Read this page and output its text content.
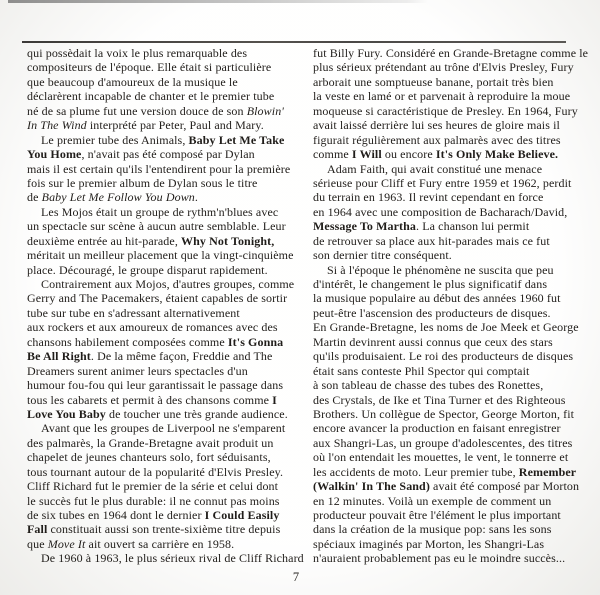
qui possèdait la voix le plus remarquable des
compositeurs de l'époque. Elle était si particulière
que beaucoup d'amoureux de la musique le
déclarèrent incapable de chanter et le premier tube
né de sa plume fut une version douce de son Blowin'
In The Wind interprété par Peter, Paul and Mary.
Le premier tube des Animals, Baby Let Me Take
You Home, n'avait pas été composé par Dylan
mais il est certain qu'ils l'entendirent pour la première
fois sur le premier album de Dylan sous le titre
de Baby Let Me Follow You Down.
Les Mojos était un groupe de rythm'n'blues avec
un spectacle sur scène à aucun autre semblable. Leur
deuxième entrée au hit-parade, Why Not Tonight,
méritait un meilleur placement que la vingt-cinquième
place. Découragé, le groupe disparut rapidement.
Contrairement aux Mojos, d'autres groupes, comme
Gerry and The Pacemakers, étaient capables de sortir
tube sur tube en s'adressant alternativement
aux rockers et aux amoureux de romances avec des
chansons habilement composées comme It's Gonna
Be All Right. De la même façon, Freddie and The
Dreamers surent animer leurs spectacles d'un
humour fou-fou qui leur garantissait le passage dans
tous les cabarets et permit à des chansons comme I
Love You Baby de toucher une très grande audience.
Avant que les groupes de Liverpool ne s'emparent
des palmarès, la Grande-Bretagne avait produit un
chapelet de jeunes chanteurs solo, fort séduisants,
tous tournant autour de la popularité d'Elvis Presley.
Cliff Richard fut le premier de la série et celui dont
le succès fut le plus durable: il ne connut pas moins
de six tubes en 1964 dont le dernier I Could Easily
Fall constituait aussi son trente-sixième titre depuis
que Move It ait ouvert sa carrière en 1958.
De 1960 à 1963, le plus sérieux rival de Cliff Richard
fut Billy Fury. Considéré en Grande-Bretagne comme le
plus sérieux prétendant au trône d'Elvis Presley, Fury
arborait une somptueuse banane, portait très bien
la veste en lamé or et parvenait à reproduire la moue
moqueuse si caractéristique de Presley. En 1964, Fury
avait laissé derrière lui ses heures de gloire mais il
figurait régulièrement aux palmarès avec des titres
comme I Will ou encore It's Only Make Believe.
Adam Faith, qui avait constitué une menace
sérieuse pour Cliff et Fury entre 1959 et 1962, perdit
du terrain en 1963. Il revint cependant en force
en 1964 avec une composition de Bacharach/David,
Message To Martha. La chanson lui permit
de retrouver sa place aux hit-parades mais ce fut
son dernier titre conséquent.
Si à l'époque le phénomène ne suscita que peu
d'intérêt, le changement le plus significatif dans
la musique populaire au début des années 1960 fut
peut-être l'ascension des producteurs de disques.
En Grande-Bretagne, les noms de Joe Meek et George
Martin devinrent aussi connus que ceux des stars
qu'ils produisaient. Le roi des producteurs de disques
était sans conteste Phil Spector qui comptait
à son tableau de chasse des tubes des Ronettes,
des Crystals, de Ike et Tina Turner et des Righteous
Brothers. Un collègue de Spector, George Morton, fit
encore avancer la production en faisant enregistrer
aux Shangri-Las, un groupe d'adolescentes, des titres
où l'on entendait les mouettes, le vent, le tonnerre et
les accidents de moto. Leur premier tube, Remember
(Walkin' In The Sand) avait été composé par Morton
en 12 minutes. Voilà un exemple de comment un
producteur pouvait être l'élément le plus important
dans la création de la musique pop: sans les sons
spéciaux imaginés par Morton, les Shangri-Las
n'auraient probablement pas eu le moindre succès...
7
